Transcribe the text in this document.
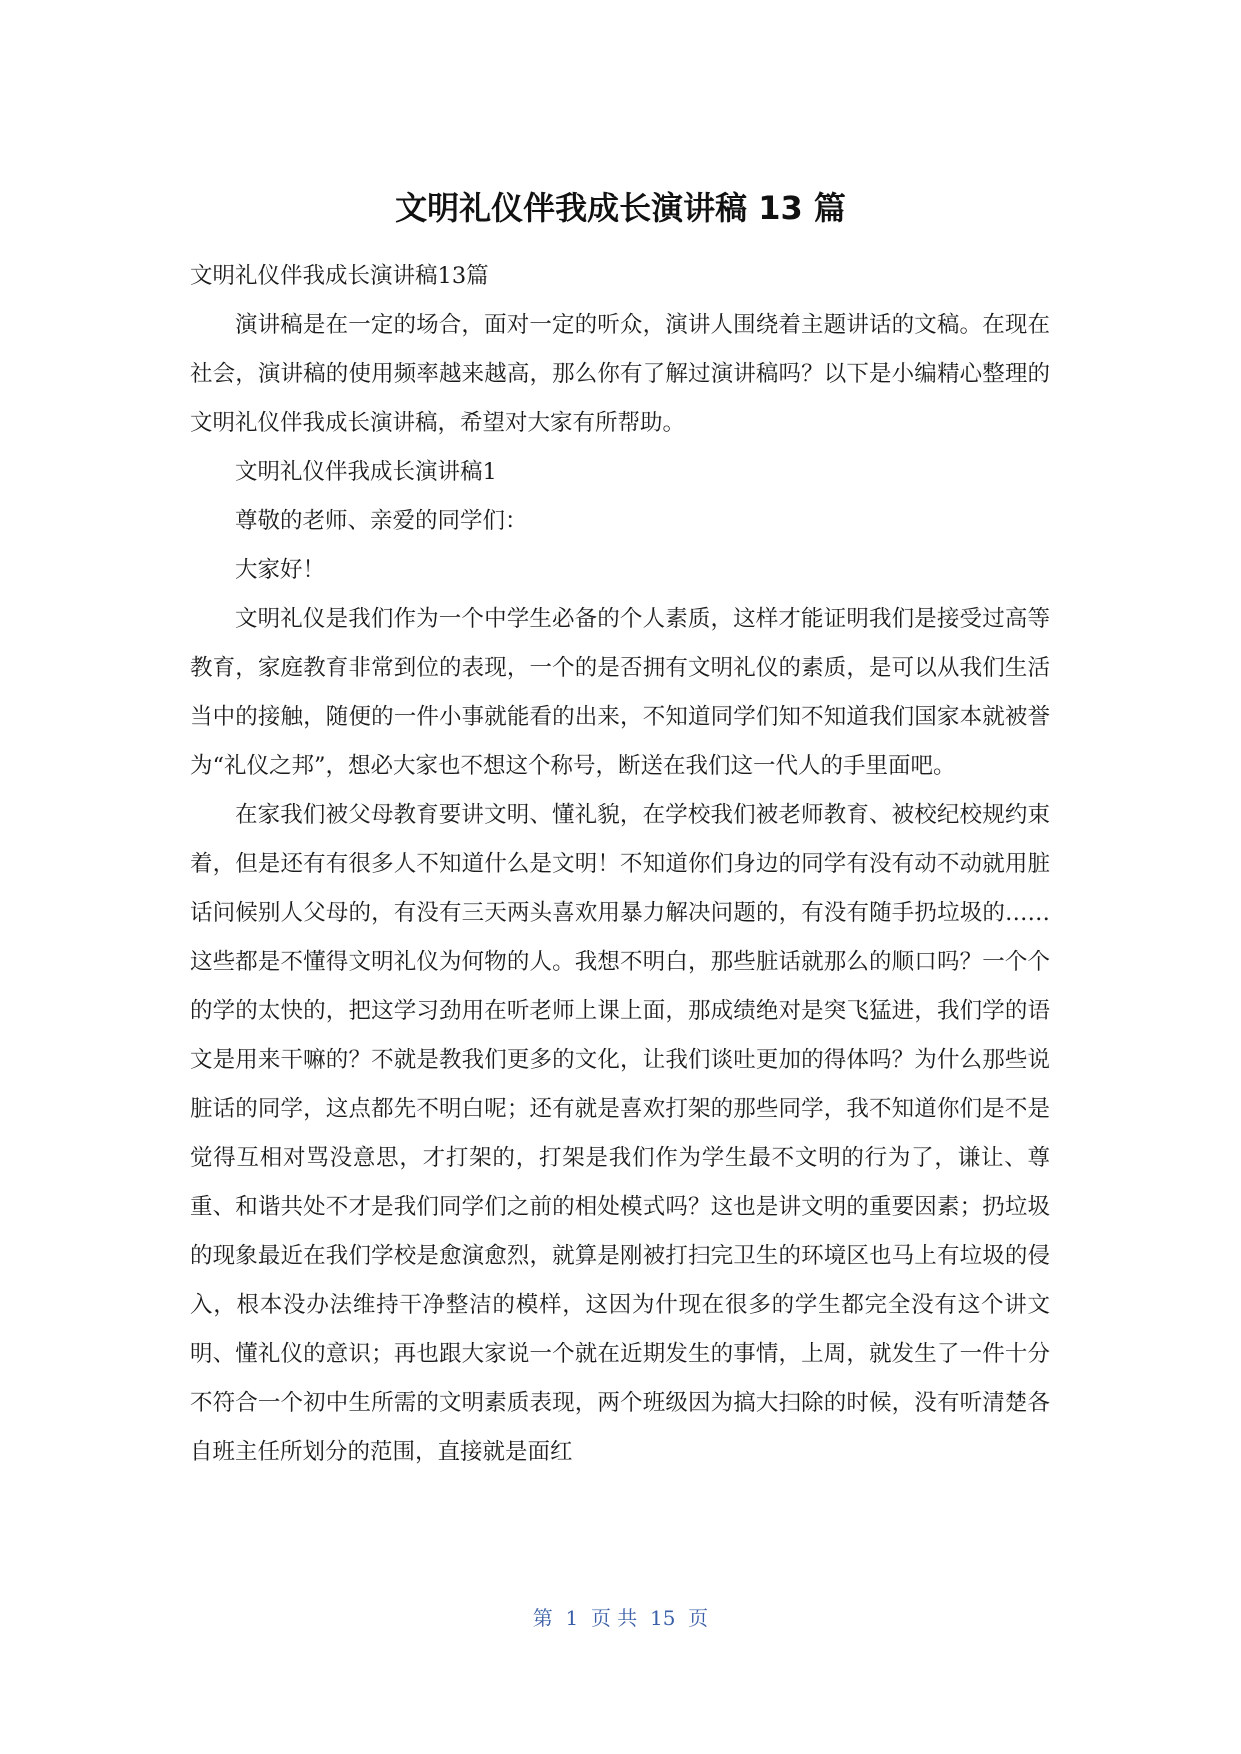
文明礼仪伴我成长演讲稿 13 篇

文明礼仪伴我成长演讲稿13篇

演讲稿是在一定的场合，面对一定的听众，演讲人围绕着主题讲话的文稿。在现在社会，演讲稿的使用频率越来越高，那么你有了解过演讲稿吗？以下是小编精心整理的文明礼仪伴我成长演讲稿，希望对大家有所帮助。

文明礼仪伴我成长演讲稿1

尊敬的老师、亲爱的同学们：

大家好！

文明礼仪是我们作为一个中学生必备的个人素质，这样才能证明我们是接受过高等教育，家庭教育非常到位的表现，一个的是否拥有文明礼仪的素质，是可以从我们生活当中的接触，随便的一件小事就能看的出来，不知道同学们知不知道我们国家本就被誉为“礼仪之邦”，想必大家也不想这个称号，断送在我们这一代人的手里面吧。

在家我们被父母教育要讲文明、懂礼貌，在学校我们被老师教育、被校纪校规约束着，但是还有有很多人不知道什么是文明！不知道你们身边的同学有没有动不动就用脏话问候别人父母的，有没有三天两头喜欢用暴力解决问题的，有没有随手扔垃圾的……这些都是不懂得文明礼仪为何物的人。我想不明白，那些脏话就那么的顺口吗？一个个的学的太快的，把这学习劲用在听老师上课上面，那成绩绝对是突飞猛进，我们学的语文是用来干嘛的？不就是教我们更多的文化，让我们谈吐更加的得体吗？为什么那些说脏话的同学，这点都先不明白呢；还有就是喜欢打架的那些同学，我不知道你们是不是觉得互相对骂没意思，才打架的，打架是我们作为学生最不文明的行为了，谦让、尊重、和谐共处不才是我们同学们之前的相处模式吗？这也是讲文明的重要因素；扔垃圾的现象最近在我们学校是愈演愈烈，就算是刚被打扫完卫生的环境区也马上有垃圾的侵入，根本没办法维持干净整洁的模样，这因为什现在很多的学生都完全没有这个讲文明、懂礼仪的意识；再也跟大家说一个就在近期发生的事情，上周，就发生了一件十分不符合一个初中生所需的文明素质表现，两个班级因为搞大扫除的时候，没有听清楚各自班主任所划分的范围，直接就是面红

第  1  页 共  15  页
